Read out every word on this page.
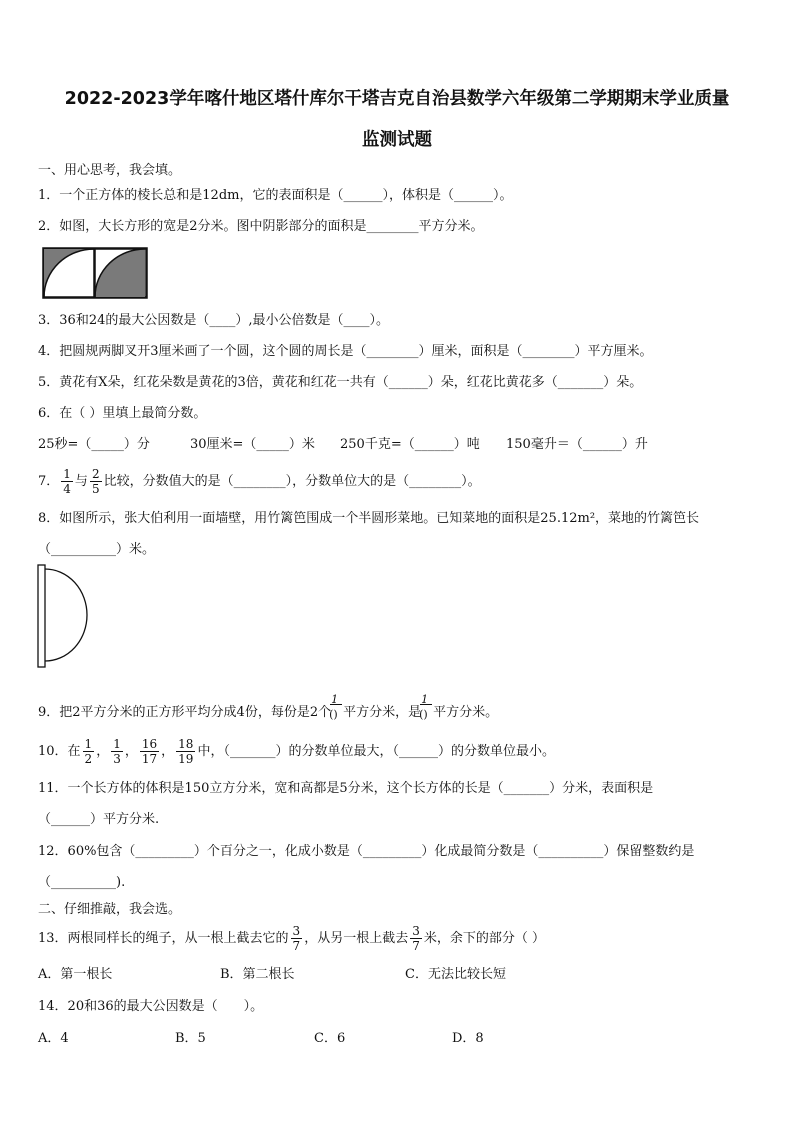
2022-2023学年喀什地区塔什库尔干塔吉克自治县数学六年级第二学期期末学业质量
监测试题
一、用心思考，我会填。
1．一个正方体的棱长总和是12dm，它的表面积是（______），体积是（______）。
2．如图，大长方形的宽是2分米。图中阴影部分的面积是________平方分米。
3．36和24的最大公因数是（____）,最小公倍数是（____）。
4．把圆规两脚叉开3厘米画了一个圆，这个圆的周长是（________）厘米，面积是（________）平方厘米。
5．黄花有X朵，红花朵数是黄花的3倍，黄花和红花一共有（______）朵，红花比黄花多（_______）朵。
6．在（ ）里填上最简分数。
25秒=（_____）分	30厘米=（_____）米 250千克=（______）吨 150毫升＝（______）升
7． $\frac{1}{4}$ 与 $\frac{2}{5}$ 比较，分数值大的是（________），分数单位大的是（________）。
8．如图所示，张大伯利用一面墙壁，用竹篱笆围成一个半圆形菜地。已知菜地的面积是25.12m²，菜地的竹篱笆长
（__________）米。
9．把2平方分米的正方形平均分成4份，每份是2个
1
() 平方分米，是
1
() 平方分米。
10．在 $\frac{1}{2}$ ， $\frac{1}{3}$ ， $\frac{16}{17}$ ， $\frac{18}{19}$ 中，（_______）的分数单位最大，（______）的分数单位最小。
11．一个长方体的体积是150立方分米，宽和高都是5分米，这个长方体的长是（_______）分米，表面积是
（______）平方分米.
12．60%包含（_________）个百分之一，化成小数是（_________）化成最简分数是（__________）保留整数约是
（__________).
二、仔细推敲，我会选。
13．两根同样长的绳子，从一根上截去它的 $\frac{3}{7}$ ，从另一根上截去 $\frac{3}{7}$ 米，余下的部分（ ）
A．第一根长	B．第二根长	C．无法比较长短
14．20和36的最大公因数是（　　）。
A．4	B．5	C．6	D．8
